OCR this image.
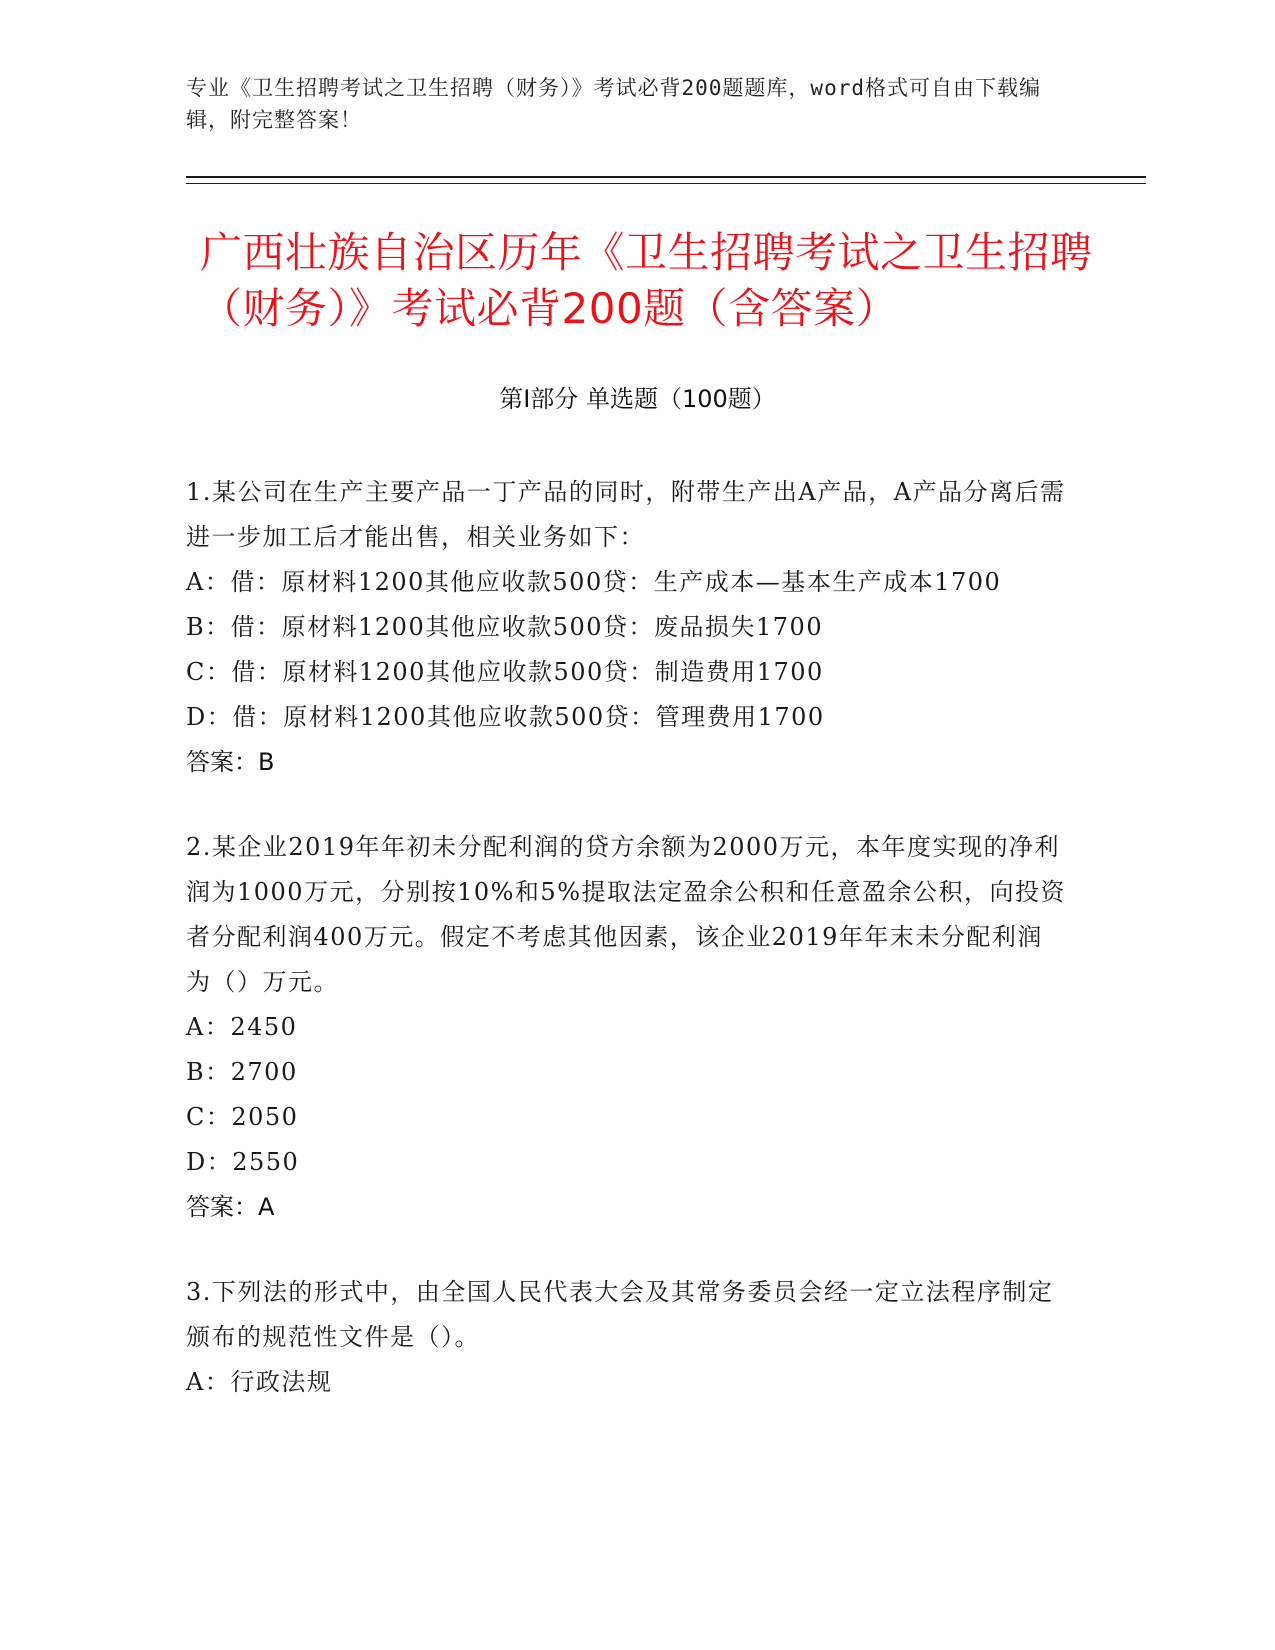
专业《卫生招聘考试之卫生招聘（财务）》考试必背200题题库，word格式可自由下载编辑，附完整答案！
广西壮族自治区历年《卫生招聘考试之卫生招聘（财务）》考试必背200题（含答案）
第Ⅰ部分 单选题（100题）
1.某公司在生产主要产品一丁产品的同时，附带生产出A产品，A产品分离后需进一步加工后才能出售，相关业务如下：
A：借：原材料1200其他应收款500贷：生产成本—基本生产成本1700
B：借：原材料1200其他应收款500贷：废品损失1700
C：借：原材料1200其他应收款500贷：制造费用1700
D：借：原材料1200其他应收款500贷：管理费用1700
答案：B
2.某企业2019年年初未分配利润的贷方余额为2000万元，本年度实现的净利润为1000万元，分别按10%和5%提取法定盈余公积和任意盈余公积，向投资者分配利润400万元。假定不考虑其他因素，该企业2019年年末未分配利润为（）万元。
A：2450
B：2700
C：2050
D：2550
答案：A
3.下列法的形式中，由全国人民代表大会及其常务委员会经一定立法程序制定颁布的规范性文件是（）。
A：行政法规
